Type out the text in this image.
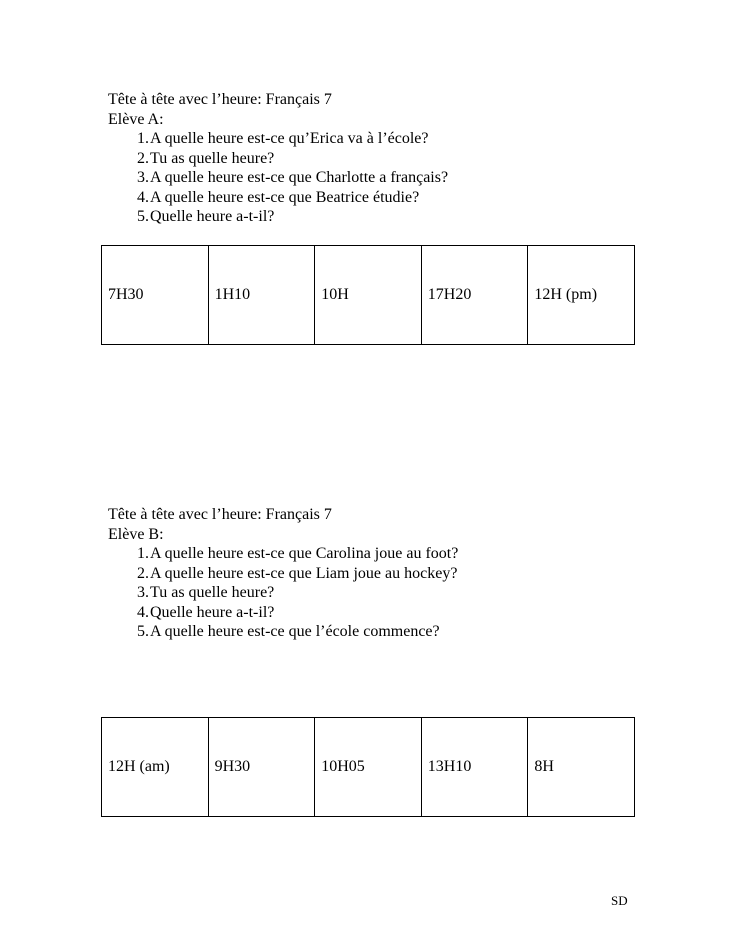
Tête à tête avec l’heure: Français 7
Elève A:
1. A quelle heure est-ce qu’Erica va à l’école?
2. Tu as quelle heure?
3. A quelle heure est-ce que Charlotte a français?
4. A quelle heure est-ce que Beatrice étudie?
5. Quelle heure a-t-il?
7H30	1H10	10H	17H20	12H (pm)
Tête à tête avec l’heure: Français 7
Elève B:
1. A quelle heure est-ce que Carolina joue au foot?
2. A quelle heure est-ce que Liam joue au hockey?
3. Tu as quelle heure?
4. Quelle heure a-t-il?
5. A quelle heure est-ce que l’école commence?
12H (am)	9H30	10H05	13H10	8H
SD
